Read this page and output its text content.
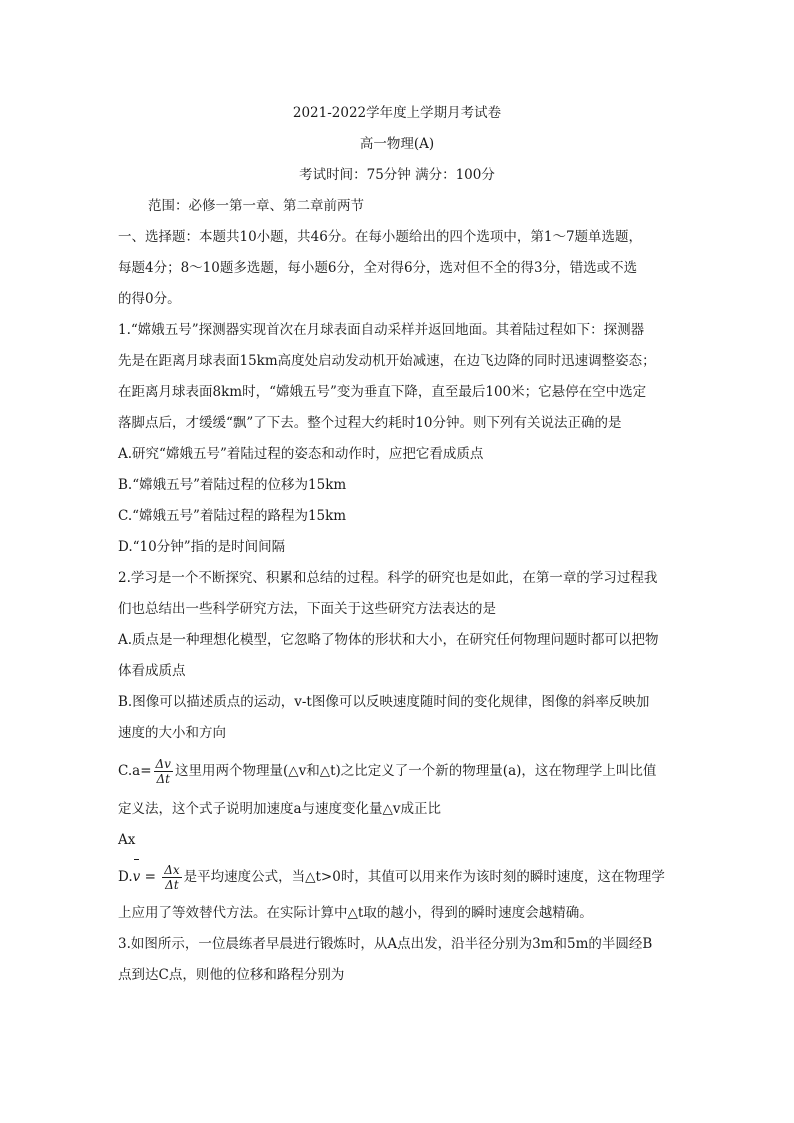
2021-2022学年度上学期月考试卷
高一物理(A)
考试时间：75分钟 满分：100分
范围：必修一第一章、第二章前两节
一、选择题：本题共10小题，共46分。在每小题给出的四个选项中，第1～7题单选题，
每题4分；8～10题多选题，每小题6分，全对得6分，选对但不全的得3分，错选或不选
的得0分。
1.“嫦娥五号”探测器实现首次在月球表面自动采样并返回地面。其着陆过程如下：探测器
先是在距离月球表面15km高度处启动发动机开始减速，在边飞边降的同时迅速调整姿态；
在距离月球表面8km时，“嫦娥五号”变为垂直下降，直至最后100米；它悬停在空中选定
落脚点后，才缓缓“飘”了下去。整个过程大约耗时10分钟。则下列有关说法正确的是
A.研究“嫦娥五号”着陆过程的姿态和动作时，应把它看成质点
B.“嫦娥五号”着陆过程的位移为15km
C.“嫦娥五号”着陆过程的路程为15km
D.“10分钟”指的是时间间隔
2.学习是一个不断探究、积累和总结的过程。科学的研究也是如此，在第一章的学习过程我
们也总结出一些科学研究方法，下面关于这些研究方法表达的是
A.质点是一种理想化模型，它忽略了物体的形状和大小，在研究任何物理问题时都可以把物
体看成质点
B.图像可以描述质点的运动，v-t图像可以反映速度随时间的变化规律，图像的斜率反映加
速度的大小和方向
$C.a= \frac{\Delta v}{\Delta t}$ 这里用两个物理量(△v和△t)之比定义了一个新的物理量(a)，这在物理学上叫比值
定义法，这个式子说明加速度a与速度变化量△v成正比
Ax
$D.v = \frac{\Delta x}{\Delta t}$ 是平均速度公式，当△t>0时，其值可以用来作为该时刻的瞬时速度，这在物理学
上应用了等效替代方法。在实际计算中△t取的越小，得到的瞬时速度会越精确。
3.如图所示，一位晨练者早晨进行锻炼时，从A点出发，沿半径分别为3m和5m的半圆经B
点到达C点，则他的位移和路程分别为
